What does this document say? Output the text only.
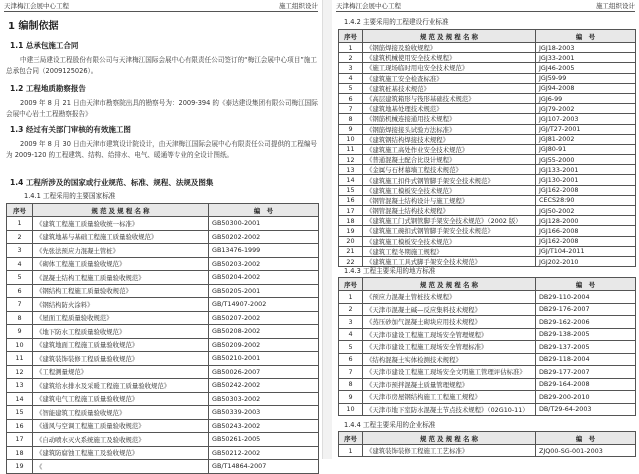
天津梅江会展中心工程	施工组织设计
1 编制依据
1.1 总承包施工合同
中建三局建设工程股份有限公司与天津梅江国际会展中心有限责任公司签订的“梅江会展中心项目”施工总承包合同（2009125026）。
1.2 工程地质勘察报告
2009 年 8 月 21 日由天津市勘察院出具的勘察号为：2009-394 的《泰达建设集团有限公司梅江国际会展中心岩土工程勘察报告》
1.3 经过有关部门审核的有效施工图
2009 年 8 月 30 日由天津市建筑设计院设计，由天津梅江国际会展中心有限责任公司提供的工程编号为 2009-120 的工程建筑、结构、给排水、电气、暖通等专业的全设计图纸。
1.4 工程所涉及的国家或行业规范、标准、规程、法规及图集
1.4.1 工程采用的主要国家标准
序号	规 范 及 规 程 名 称	编　号
1	《建筑工程施工质量验收统一标准》	GB50300-2001
2	《建筑地基与基础工程施工质量验收规范》	GB50202-2002
3	《先张法预应力混凝土管桩》	GB13476-1999
4	《砌体工程施工质量验收规范》	GB50203-2002
5	《混凝土结构工程施工质量验收规范》	GB50204-2002
6	《钢结构工程施工质量验收规范》	GB50205-2001
7	《钢结构防火涂料》	GB/T14907-2002
8	《屋面工程质量验收规范》	GB50207-2002
9	《地下防水工程质量验收规范》	GB50208-2002
10	《建筑地面工程施工质量验收规范》	GB50209-2002
11	《建筑装饰装修工程质量验收规范》	GB50210-2001
12	《工程测量规范》	GB50026-2007
13	《建筑给水排水及采暖工程施工质量验收规范》	GB50242-2002
14	《建筑电气工程施工质量验收规范》	GB50303-2002
15	《智能建筑工程质量验收规范》	GB50339-2003
16	《通风与空调工程施工质量验收规范》	GB50243-2002
17	《自动喷水灭火系统施工及验收规范》	GB50261-2005
18	《建筑防腐蚀工程施工及验收规范》	GB50212-2002
19	《	GB/T14864-2007
天津梅江会展中心工程	施工组织设计
1.4.2 主要采用的工程建设行业标准
序号	规 范 及 规 程 名 称	编　号
1	《钢筋焊接及验收规程》	JGJ18-2003
2	《建筑机械使用安全技术规程》	JGJ33-2001
3	《施工现场临时用电安全技术规范》	JGJ46-2005
4	《建筑施工安全检查标准》	JGJ59-99
5	《建筑桩基技术规范》	JGJ94-2008
6	《高层建筑箱形与筏形基础技术规范》	JGJ6-99
7	《建筑地基处理技术规范》	JGJ79-2002
8	《钢筋机械连接通用技术规程》	JGJ107-2003
9	《钢筋焊接接头试验方法标准》	JGJ/T27-2001
10	《建筑钢结构焊接技术规程》	JGJ81-2002
11	《建筑施工高处作业安全技术规范》	JGJ80-91
12	《普通混凝土配合比设计规程》	JGJ55-2000
13	《金属与石材幕墙工程技术规范》	JGJ133-2001
14	《建筑施工扣件式钢管脚手架安全技术规范》	JGJ130-2001
15	《建筑施工模板安全技术规范》	JGJ162-2008
16	《钢管混凝土结构设计与施工规程》	CECS28:90
17	《钢管混凝土结构技术规程》	JGJ50-2002
18	《建筑施工门式钢管脚手架安全技术规范》（2002 版）	JGJ128-2000
19	《建筑施工碗扣式钢管脚手架安全技术规范》	JGJ166-2008
20	《建筑施工模板安全技术规范》	JGJ162-2008
21	《建筑工程冬期施工规程》	JGJ/T104-2011
22	《建筑施工工具式脚手架安全技术规范》	JGJ202-2010
1.4.3 工程主要采用的地方标准
序号	规 范 及 规 程 名 称	编　号
1	《预应力混凝土管桩技术规程》	DB29-110-2004
2	《天津市混凝土碱—反应集料技术规程》	DB29-176-2007
3	《蒸压砂加气混凝土砌块应用技术规程》	DB29-162-2006
4	《天津市建设工程施工现场安全管理规程》	DB29-138-2005
5	《天津市建设工程施工现场安全管理标准》	DB29-137-2005
6	《结构混凝土实体检测技术规程》	DB29-118-2004
7	《天津市建设工程施工现场安全文明施工管理评估标准》	DB29-177-2007
8	《天津市预拌混凝土质量管理规程》	DB29-164-2008
9	《天津市房屋钢结构施工工程施工规程》	DB29-200-2010
10	《天津市地下室防水混凝土节点技术规程》（02G10-11）	DB/T29-64-2003
1.4.4 工程主要采用的企业标准
序号	规 范 及 规 程 名 称	编　号
1	《建筑装饰装修工程施工工艺标准》	ZJQ00-SG-001-2003
